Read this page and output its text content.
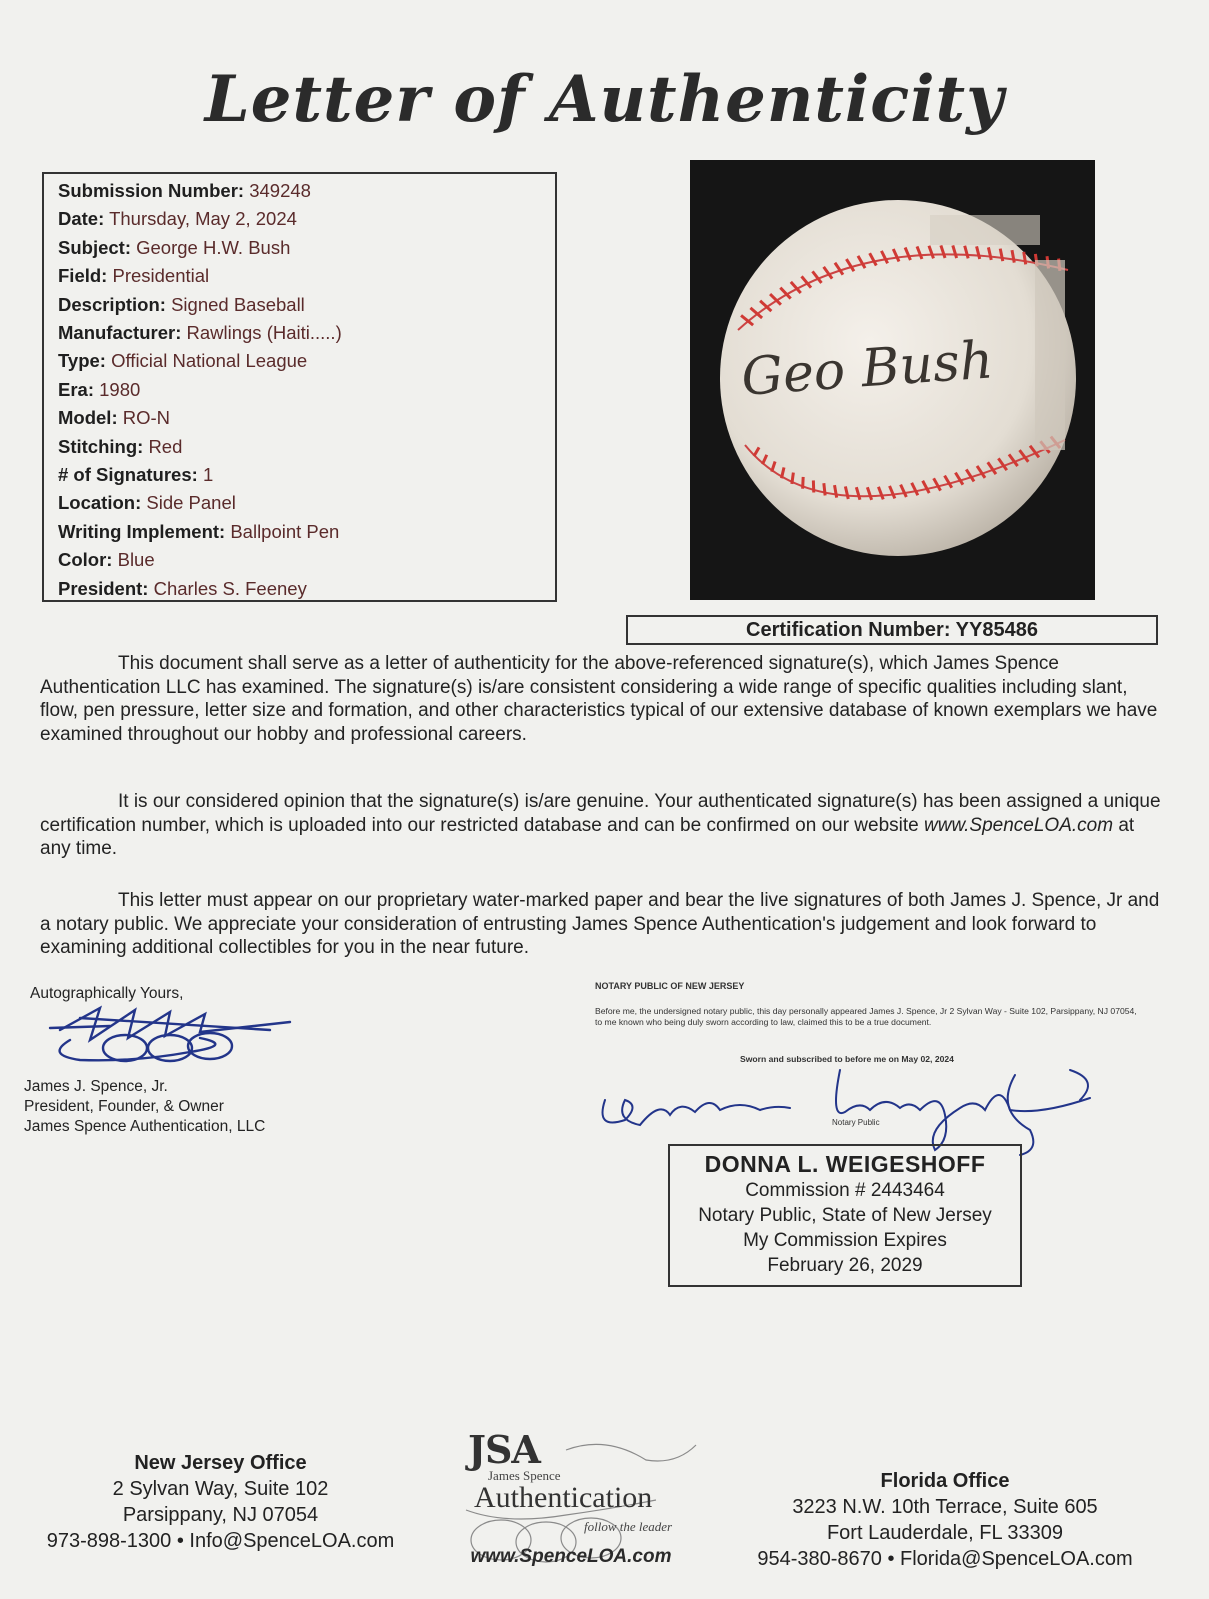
Letter of Authenticity
Submission Number: 349248
Date: Thursday, May 2, 2024
Subject: George H.W. Bush
Field: Presidential
Description: Signed Baseball
Manufacturer: Rawlings (Haiti.....)
Type: Official National League
Era: 1980
Model: RO-N
Stitching: Red
# of Signatures: 1
Location: Side Panel
Writing Implement: Ballpoint Pen
Color: Blue
President: Charles S. Feeney
Geo Bush
Certification Number: YY85486
This document shall serve as a letter of authenticity for the above-referenced signature(s), which James Spence Authentication LLC has examined. The signature(s) is/are consistent considering a wide range of specific qualities including slant, flow, pen pressure, letter size and formation, and other characteristics typical of our extensive database of known exemplars we have examined throughout our hobby and professional careers.
It is our considered opinion that the signature(s) is/are genuine. Your authenticated signature(s) has been assigned a unique certification number, which is uploaded into our restricted database and can be confirmed on our website www.SpenceLOA.com at any time.
This letter must appear on our proprietary water-marked paper and bear the live signatures of both James J. Spence, Jr and a notary public. We appreciate your consideration of entrusting James Spence Authentication's judgement and look forward to examining additional collectibles for you in the near future.
Autographically Yours,
James J. Spence, Jr.
President, Founder, & Owner
James Spence Authentication, LLC
NOTARY PUBLIC OF NEW JERSEY
Before me, the undersigned notary public, this day personally appeared James J. Spence, Jr 2 Sylvan Way - Suite 102, Parsippany, NJ 07054, to me known who being duly sworn according to law, claimed this to be a true document.
Sworn and subscribed to before me on May 02, 2024
Notary Public
DONNA L. WEIGESHOFF
Commission # 2443464
Notary Public, State of New Jersey
My Commission Expires
February 26, 2029
New Jersey Office
2 Sylvan Way, Suite 102
Parsippany, NJ 07054
973-898-1300 • Info@SpenceLOA.com
JSA
James Spence
Authentication
follow the leader
www.SpenceLOA.com
Florida Office
3223 N.W. 10th Terrace, Suite 605
Fort Lauderdale, FL 33309
954-380-8670 • Florida@SpenceLOA.com
